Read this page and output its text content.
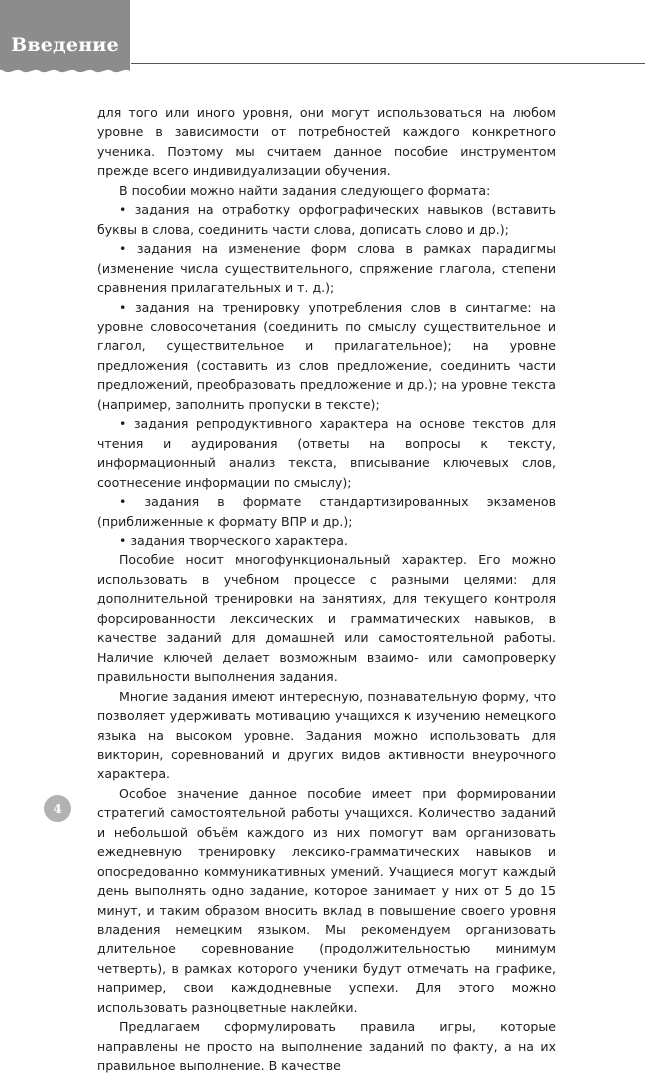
Введение

для того или иного уровня, они могут использоваться на любом уровне в зависимости от потребностей каждого конкретного ученика. Поэтому мы считаем данное пособие инструментом прежде всего индивидуализации обучения.

В пособии можно найти задания следующего формата:

• задания на отработку орфографических навыков (вставить буквы в слова, соединить части слова, дописать слово и др.);

• задания на изменение форм слова в рамках парадигмы (изменение числа существительного, спряжение глагола, степени сравнения прилагательных и т. д.);

• задания на тренировку употребления слов в синтагме: на уровне словосочетания (соединить по смыслу существительное и глагол, существительное и прилагательное); на уровне предложения (составить из слов предложение, соединить части предложений, преобразовать предложение и др.); на уровне текста (например, заполнить пропуски в тексте);

• задания репродуктивного характера на основе текстов для чтения и аудирования (ответы на вопросы к тексту, информационный анализ текста, вписывание ключевых слов, соотнесение информации по смыслу);

• задания в формате стандартизированных экзаменов (приближенные к формату ВПР и др.);

• задания творческого характера.

Пособие носит многофункциональный характер. Его можно использовать в учебном процессе с разными целями: для дополнительной тренировки на занятиях, для текущего контроля форсированности лексических и грамматических навыков, в качестве заданий для домашней или самостоятельной работы. Наличие ключей делает возможным взаимо- или самопроверку правильности выполнения задания.

Многие задания имеют интересную, познавательную форму, что позволяет удерживать мотивацию учащихся к изучению немецкого языка на высоком уровне. Задания можно использовать для викторин, соревнований и других видов активности внеурочного характера.

Особое значение данное пособие имеет при формировании стратегий самостоятельной работы учащихся. Количество заданий и небольшой объём каждого из них помогут вам организовать ежедневную тренировку лексико-грамматических навыков и опосредованно коммуникативных умений. Учащиеся могут каждый день выполнять одно задание, которое занимает у них от 5 до 15 минут, и таким образом вносить вклад в повышение своего уровня владения немецким языком. Мы рекомендуем организовать длительное соревнование (продолжительностью минимум четверть), в рамках которого ученики будут отмечать на графике, например, свои каждодневные успехи. Для этого можно использовать разноцветные наклейки.

Предлагаем сформулировать правила игры, которые направлены не просто на выполнение заданий по факту, а на их правильное выполнение. В качестве

4
